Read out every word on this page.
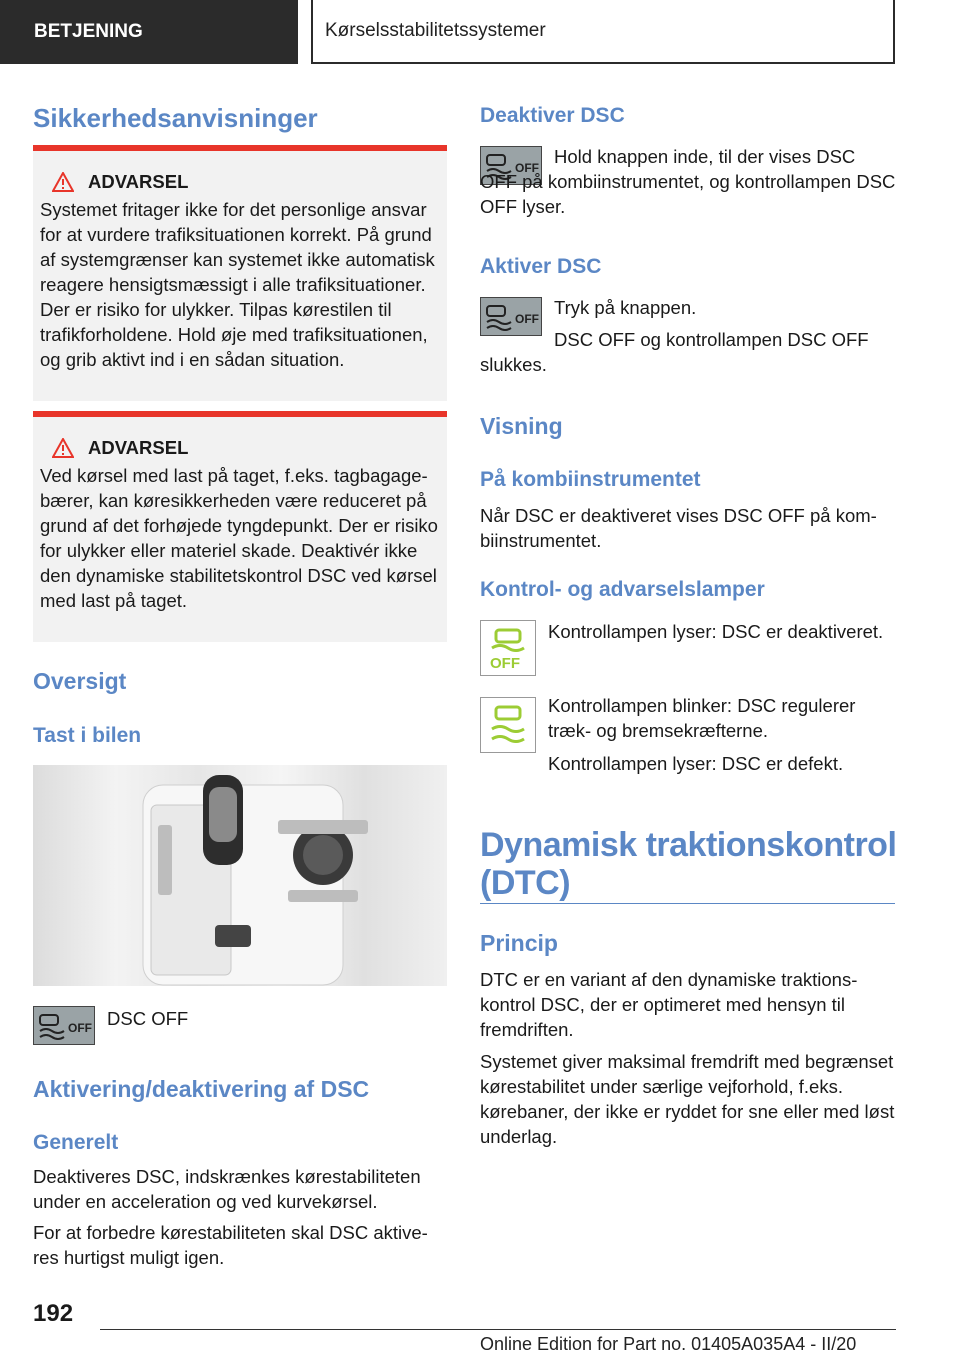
BETJENING	Kørselsstabilitetssystemer
Sikkerhedsanvisninger
ADVARSEL

Systemet fritager ikke for det personlige ansvar for at vurdere trafiksituationen korrekt. På grund af systemgrænser kan systemet ikke automatisk reagere hensigtsmæssigt i alle trafiksituationer. Der er risiko for ulykker. Tilpas kørestilen til trafikforholdene. Hold øje med trafiksituationen, og grib aktivt ind i en sådan situation.

ADVARSEL

Ved kørsel med last på taget, f.eks. tagbagagebærer, kan køresikkerheden være reduceret på grund af det forhøjede tyngdepunkt. Der er risiko for ulykker eller materiel skade. Deaktivér ikke den dynamiske stabilitetskontrol DSC ved kørsel med last på taget.

Oversigt
Tast i bilen
OFF DSC OFF

Aktivering/deaktivering af DSC
Generelt

Deaktiveres DSC, indskrænkes kørestabiliteten under en acceleration og ved kurvekørsel.

For at forbedre kørestabiliteten skal DSC aktiveres hurtigst muligt igen.

Deaktiver DSC
OFF

Hold knappen inde, til der vises DSC OFF på kombiinstrumentet, og kontrollampen DSC OFF lyser.

Aktiver DSC
OFF

Tryk på knappen.

DSC OFF og kontrollampen DSC OFF slukkes.

Visning
På kombiinstrumentet

Når DSC er deaktiveret vises DSC OFF på kombiinstrumentet.

Kontrol- og advarselslamper
OFF

Kontrollampen lyser: DSC er deaktiveret.

Kontrollampen blinker: DSC regulerer træk- og bremsekræfterne.

Kontrollampen lyser: DSC er defekt.

Dynamisk traktionskontrol
(DTC)
Princip

DTC er en variant af den dynamiske traktionskontrol DSC, der er optimeret med hensyn til fremdriften.

Systemet giver maksimal fremdrift med begrænset kørestabilitet under særlige vejforhold, f.eks. kørebaner, der ikke er ryddet for sne eller med løst underlag.

192
Online Edition for Part no. 01405A035A4 - II/20
